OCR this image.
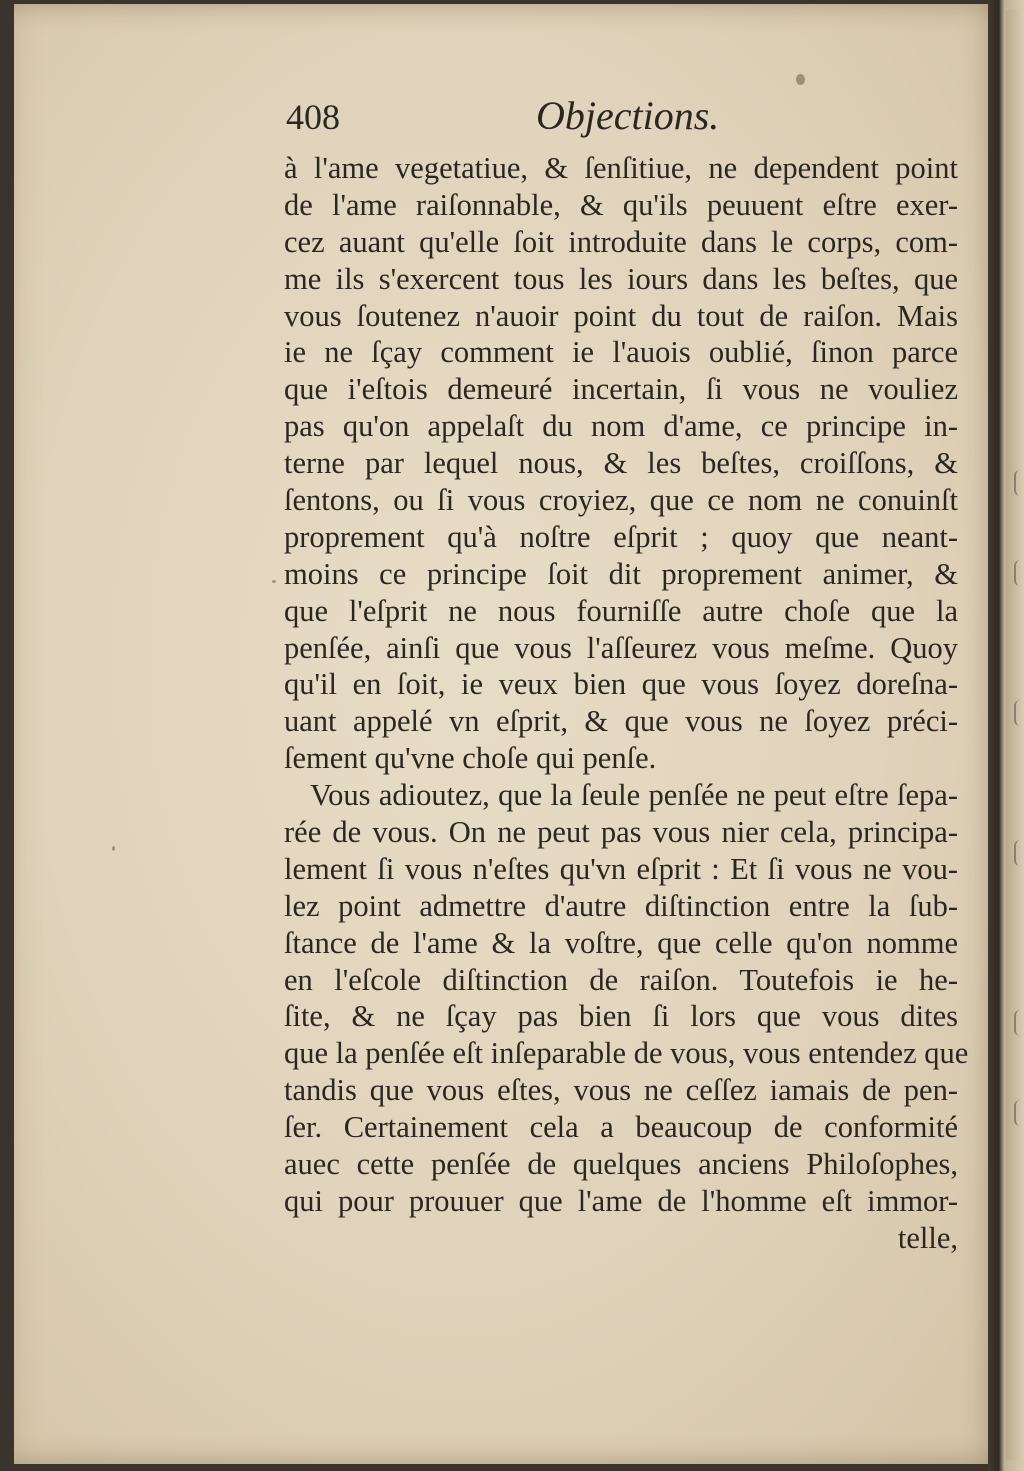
408	Objections.
à l'ame vegetatiue, & ſenſitiue, ne dependent point
de l'ame raiſonnable, & qu'ils peuuent eſtre exer-
cez auant qu'elle ſoit introduite dans le corps, com-
me ils s'exercent tous les iours dans les beſtes, que
vous ſoutenez n'auoir point du tout de raiſon. Mais
ie ne ſçay comment ie l'auois oublié, ſinon parce
que i'eſtois demeuré incertain, ſi vous ne vouliez
pas qu'on appelaſt du nom d'ame, ce principe in-
terne par lequel nous, & les beſtes, croiſſons, &
ſentons, ou ſi vous croyiez, que ce nom ne conuinſt
proprement qu'à noſtre eſprit ; quoy que neant-
moins ce principe ſoit dit proprement animer, &
que l'eſprit ne nous fourniſſe autre choſe que la
penſée, ainſi que vous l'aſſeurez vous meſme. Quoy
qu'il en ſoit, ie veux bien que vous ſoyez doreſna-
uant appelé vn eſprit, & que vous ne ſoyez préci-
ſement qu'vne choſe qui penſe.
Vous adioutez, que la ſeule penſée ne peut eſtre ſepa-
rée de vous. On ne peut pas vous nier cela, principa-
lement ſi vous n'eſtes qu'vn eſprit : Et ſi vous ne vou-
lez point admettre d'autre diſtinction entre la ſub-
ſtance de l'ame & la voſtre, que celle qu'on nomme
en l'eſcole diſtinction de raiſon. Toutefois ie he-
ſite, & ne ſçay pas bien ſi lors que vous dites
que la penſée eſt inſeparable de vous, vous entendez que
tandis que vous eſtes, vous ne ceſſez iamais de pen-
ſer. Certainement cela a beaucoup de conformité
auec cette penſée de quelques anciens Philoſophes,
qui pour prouuer que l'ame de l'homme eſt immor-
telle,
